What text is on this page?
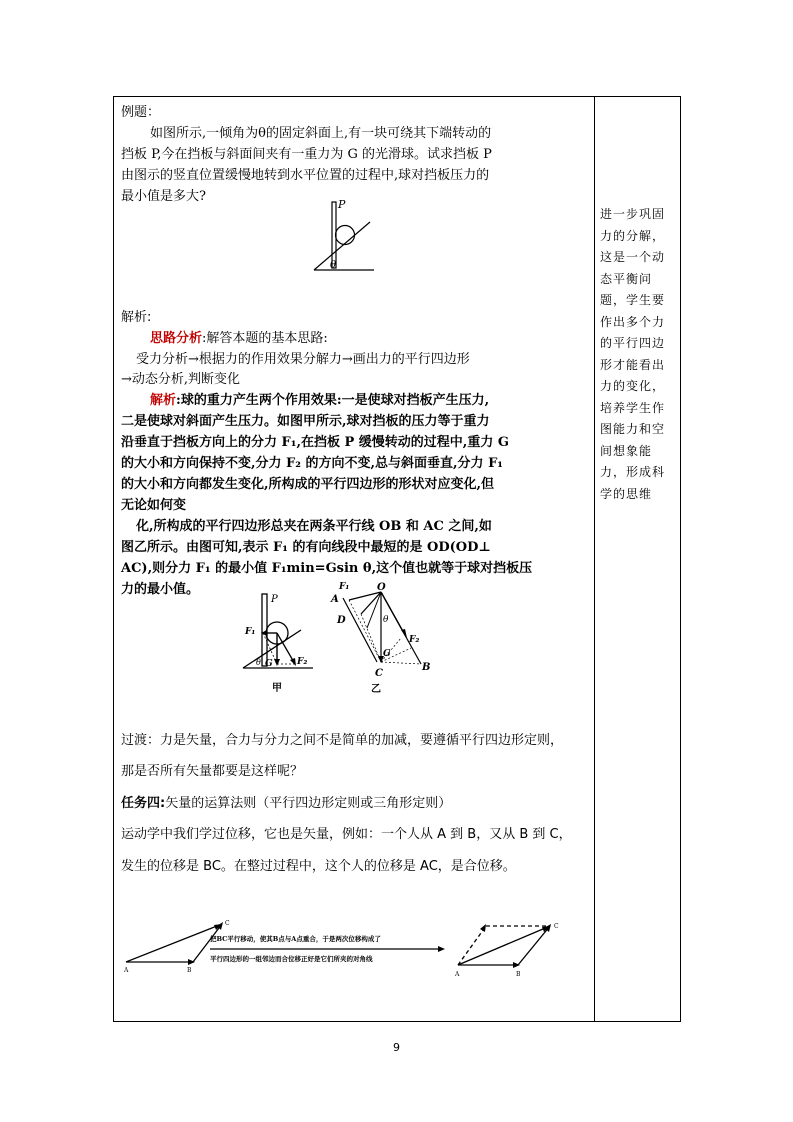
例题：
如图所示,一倾角为θ的固定斜面上,有一块可绕其下端转动的
挡板 P,今在挡板与斜面间夹有一重力为 G 的光滑球。试求挡板 P
由图示的竖直位置缓慢地转到水平位置的过程中,球对挡板压力的
最小值是多大?
P
θ
解析:
思路分析:解答本题的基本思路:
受力分析→根据力的作用效果分解力→画出力的平行四边形
→动态分析,判断变化
解析:球的重力产生两个作用效果:一是使球对挡板产生压力,
二是使球对斜面产生压力。如图甲所示,球对挡板的压力等于重力
沿垂直于挡板方向上的分力 F₁,在挡板 P 缓慢转动的过程中,重力 G
的大小和方向保持不变,分力 F₂ 的方向不变,总与斜面垂直,分力 F₁
的大小和方向都发生变化,所构成的平行四边形的形状对应变化,但
无论如何变
化,所构成的平行四边形总夹在两条平行线 OB 和 AC 之间,如
图乙所示。由图可知,表示 F₁ 的有向线段中最短的是 OD(OD⊥
AC),则分力 F₁ 的最小值 F₁min=Gsin θ,这个值也就等于球对挡板压
力的最小值。
P
F₁
F₂
G
θ
甲
A
F₁	O
D	θ
F₂
G
C
B
乙
过渡：力是矢量，合力与分力之间不是简单的加减，要遵循平行四边形定则，
那是否所有矢量都要是这样呢？
任务四:矢量的运算法则（平行四边形定则或三角形定则）
运动学中我们学过位移，它也是矢量，例如：一个人从 A 到 B，又从 B 到 C，
发生的位移是 BC。在整过过程中，这个人的位移是 AC，是合位移。
A	B
C
把BC平行移动，使其B点与A点重合，于是两次位移构成了
平行四边形的一组邻边而合位移正好是它们所夹的对角线
A	B
C
进一步巩固力的分解，这是一个动态平衡问题，学生要作出多个力的平行四边形才能看出力的变化，培养学生作图能力和空间想象能力，形成科学的思维
9
